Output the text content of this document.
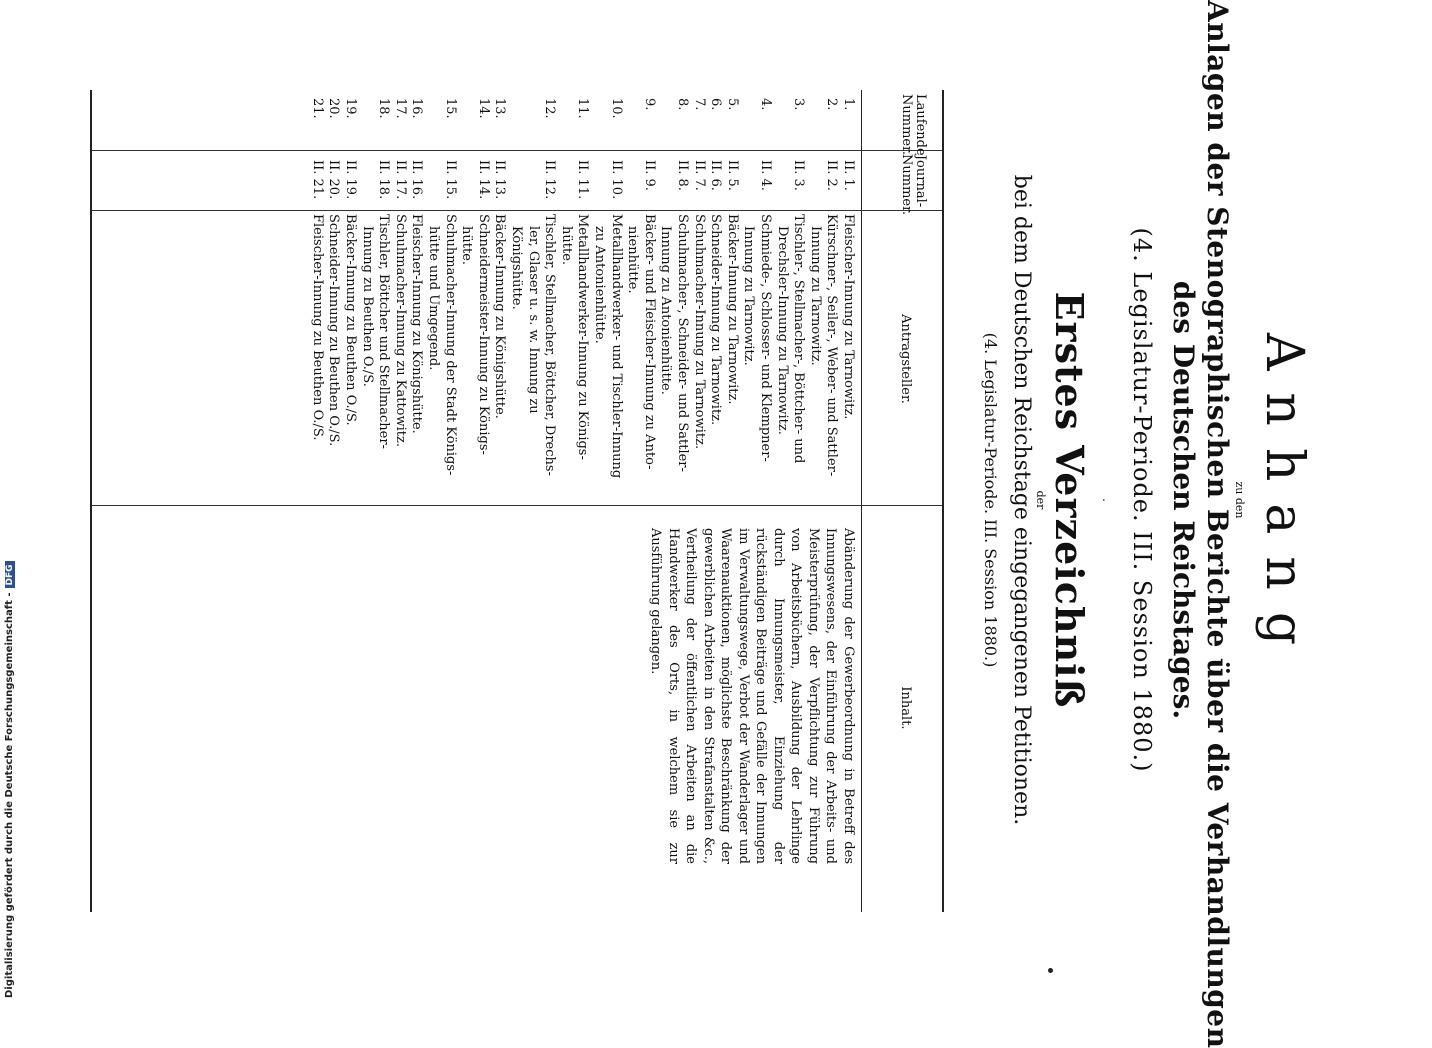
Anhang
zu den
Anlagen der Stenographischen Berichte über die Verhandlungen
des Deutschen Reichstages.
(4. Legislatur-Periode. III. Session 1880.)
.
Erstes Verzeichniß
der
bei dem Deutschen Reichstage eingegangenen Petitionen.
(4. Legislatur-Periode. III. Session 1880.)
Laufende Nummer.
Journal-Nummer.
Antragsteller.
Inhalt.
1.
II. 1.
Fleischer-Innung zu Tarnowitz.
2.
II. 2.
Kürschner-, Seiler-, Weber- und Sattler-
Innung zu Tarnowitz.
3.
II. 3.
Tischler-, Stellmacher-, Böttcher- und
Drechsler-Innung zu Tarnowitz.
4.
II. 4.
Schmiede-, Schlosser- und Klempner-
Innung zu Tarnowitz.
5.
II. 5.
Bäcker-Innung zu Tarnowitz.
6.
II. 6.
Schneider-Innung zu Tarnowitz.
7.
II. 7.
Schuhmacher-Innung zu Tarnowitz.
8.
II. 8.
Schuhmacher-, Schneider- und Sattler-
Innung zu Antonienhütte.
9.
II. 9.
Bäcker- und Fleischer-Innung zu Anto-
nienhütte.
10.
II. 10.
Metallhandwerker- und Tischler-Innung
zu Antonienhütte.
11.
II. 11.
Metallhandwerker-Innung zu Königs-
hütte.
12.
II. 12.
Tischler, Stellmacher, Böttcher, Drechs-
ler, Glaser u. s. w. Innung zu
Königshütte.
13.
II. 13.
Bäcker-Innung zu Königshütte.
14.
II. 14.
Schneidermeister-Innung zu Königs-
hütte.
15.
II. 15.
Schuhmacher-Innung der Stadt Königs-
hütte und Umgegend.
16.
II. 16.
Fleischer-Innung zu Königshütte.
17.
II. 17.
Schuhmacher-Innung zu Kattowitz.
18.
II. 18.
Tischler, Böttcher und Stellmacher-
Innung zu Beuthen O./S.
19.
II. 19.
Bäcker-Innung zu Beuthen O./S.
20.
II. 20.
Schneider-Innung zu Beuthen O./S.
21.
II. 21.
Fleischer-Innung zu Beuthen O./S.

Abänderung der Gewerbeordnung in Betreff des Innungswesens, der Einführung der Arbeits- und Meisterprüfung, der Verpflichtung zur Führung von Arbeitsbüchern, Ausbildung der Lehrlinge durch Innungsmeister, Einziehung der rückständigen Beiträge und Gefälle der Innungen im Verwaltungswege, Verbot der Wanderlager und Waarenauktionen, möglichste Beschränkung der gewerblichen Arbeiten in den Strafanstalten &c., Vertheilung der öffentlichen Arbeiten an die Handwerker des Orts, in welchem sie zur Ausführung gelangen.

Digitalisierung gefördert durch die Deutsche Forschungsgemeinschaft -DFG
